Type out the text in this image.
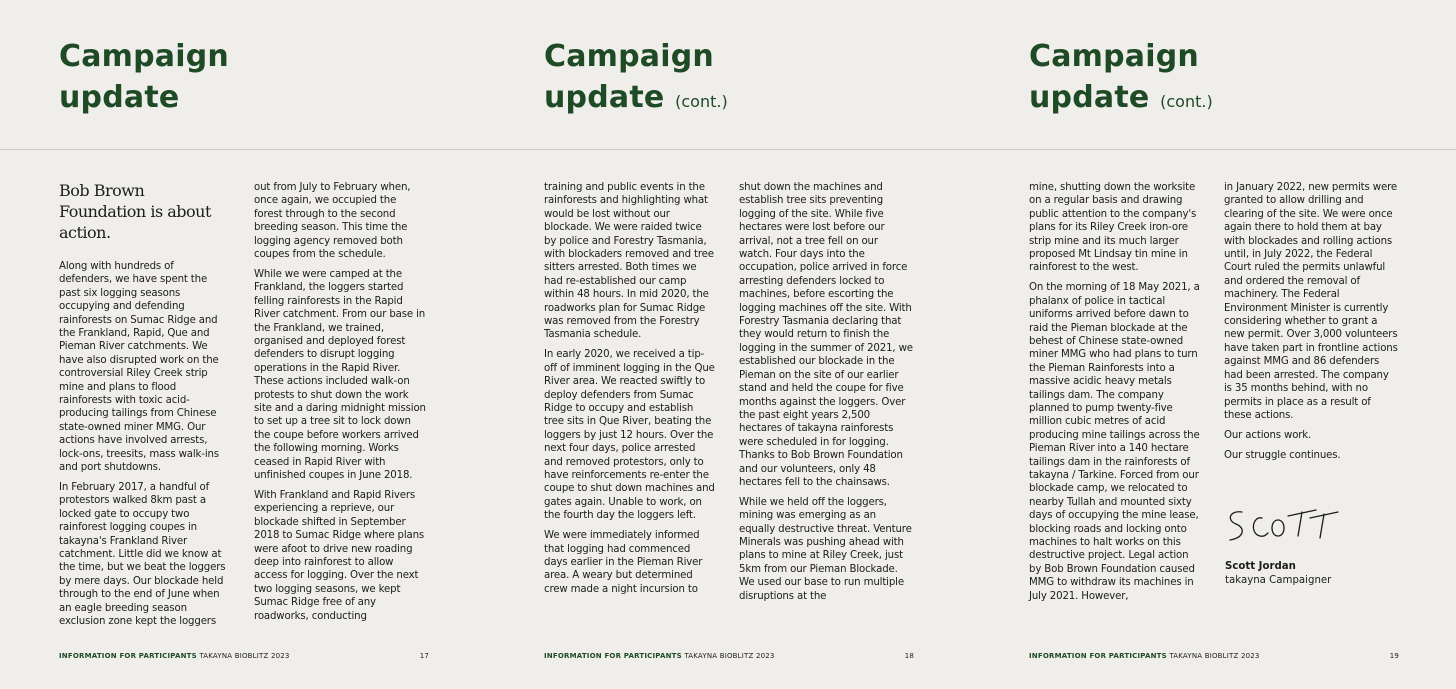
Campaign
update

Bob Brown Foundation is about action.

Along with hundreds of defenders, we have spent the past six logging seasons occupying and defending rainforests on Sumac Ridge and the Frankland, Rapid, Que and Pieman River catchments. We have also disrupted work on the controversial Riley Creek strip mine and plans to flood rainforests with toxic acid-producing tailings from Chinese state-owned miner MMG. Our actions have involved arrests, lock-ons, treesits, mass walk-ins and port shutdowns.

In February 2017, a handful of protestors walked 8km past a locked gate to occupy two rainforest logging coupes in takayna's Frankland River catchment. Little did we know at the time, but we beat the loggers by mere days. Our blockade held through to the end of June when an eagle breeding season exclusion zone kept the loggers

out from July to February when, once again, we occupied the forest through to the second breeding season. This time the logging agency removed both coupes from the schedule.

While we were camped at the Frankland, the loggers started felling rainforests in the Rapid River catchment. From our base in the Frankland, we trained, organised and deployed forest defenders to disrupt logging operations in the Rapid River. These actions included walk-on protests to shut down the work site and a daring midnight mission to set up a tree sit to lock down the coupe before workers arrived the following morning. Works ceased in Rapid River with unfinished coupes in June 2018.

With Frankland and Rapid Rivers experiencing a reprieve, our blockade shifted in September 2018 to Sumac Ridge where plans were afoot to drive new roading deep into rainforest to allow access for logging. Over the next two logging seasons, we kept Sumac Ridge free of any roadworks, conducting

Campaign
update (cont.)

training and public events in the rainforests and highlighting what would be lost without our blockade. We were raided twice by police and Forestry Tasmania, with blockaders removed and tree sitters arrested. Both times we had re-established our camp within 48 hours. In mid 2020, the roadworks plan for Sumac Ridge was removed from the Forestry Tasmania schedule.

In early 2020, we received a tip-off of imminent logging in the Que River area. We reacted swiftly to deploy defenders from Sumac Ridge to occupy and establish tree sits in Que River, beating the loggers by just 12 hours. Over the next four days, police arrested and removed protestors, only to have reinforcements re-enter the coupe to shut down machines and gates again. Unable to work, on the fourth day the loggers left.

We were immediately informed that logging had commenced days earlier in the Pieman River area. A weary but determined crew made a night incursion to

shut down the machines and establish tree sits preventing logging of the site. While five hectares were lost before our arrival, not a tree fell on our watch. Four days into the occupation, police arrived in force arresting defenders locked to machines, before escorting the logging machines off the site. With Forestry Tasmania declaring that they would return to finish the logging in the summer of 2021, we established our blockade in the Pieman on the site of our earlier stand and held the coupe for five months against the loggers. Over the past eight years 2,500 hectares of takayna rainforests were scheduled in for logging. Thanks to Bob Brown Foundation and our volunteers, only 48 hectares fell to the chainsaws.

While we held off the loggers, mining was emerging as an equally destructive threat. Venture Minerals was pushing ahead with plans to mine at Riley Creek, just 5km from our Pieman Blockade. We used our base to run multiple disruptions at the

Campaign
update (cont.)

mine, shutting down the worksite on a regular basis and drawing public attention to the company's plans for its Riley Creek iron-ore strip mine and its much larger proposed Mt Lindsay tin mine in rainforest to the west.

On the morning of 18 May 2021, a phalanx of police in tactical uniforms arrived before dawn to raid the Pieman blockade at the behest of Chinese state-owned miner MMG who had plans to turn the Pieman Rainforests into a massive acidic heavy metals tailings dam. The company planned to pump twenty-five million cubic metres of acid producing mine tailings across the Pieman River into a 140 hectare tailings dam in the rainforests of takayna / Tarkine. Forced from our blockade camp, we relocated to nearby Tullah and mounted sixty days of occupying the mine lease, blocking roads and locking onto machines to halt works on this destructive project. Legal action by Bob Brown Foundation caused MMG to withdraw its machines in July 2021. However,

in January 2022, new permits were granted to allow drilling and clearing of the site. We were once again there to hold them at bay with blockades and rolling actions until, in July 2022, the Federal Court ruled the permits unlawful and ordered the removal of machinery. The Federal Environment Minister is currently considering whether to grant a new permit. Over 3,000 volunteers have taken part in frontline actions against MMG and 86 defenders had been arrested. The company is 35 months behind, with no permits in place as a result of these actions.

Our actions work.

Our struggle continues.

Scott Jordan
takayna Campaigner
INFORMATION FOR PARTICIPANTS TAKAYNA BIOBLITZ 2023	17	INFORMATION FOR PARTICIPANTS TAKAYNA BIOBLITZ 2023	18	INFORMATION FOR PARTICIPANTS TAKAYNA BIOBLITZ 2023	19
